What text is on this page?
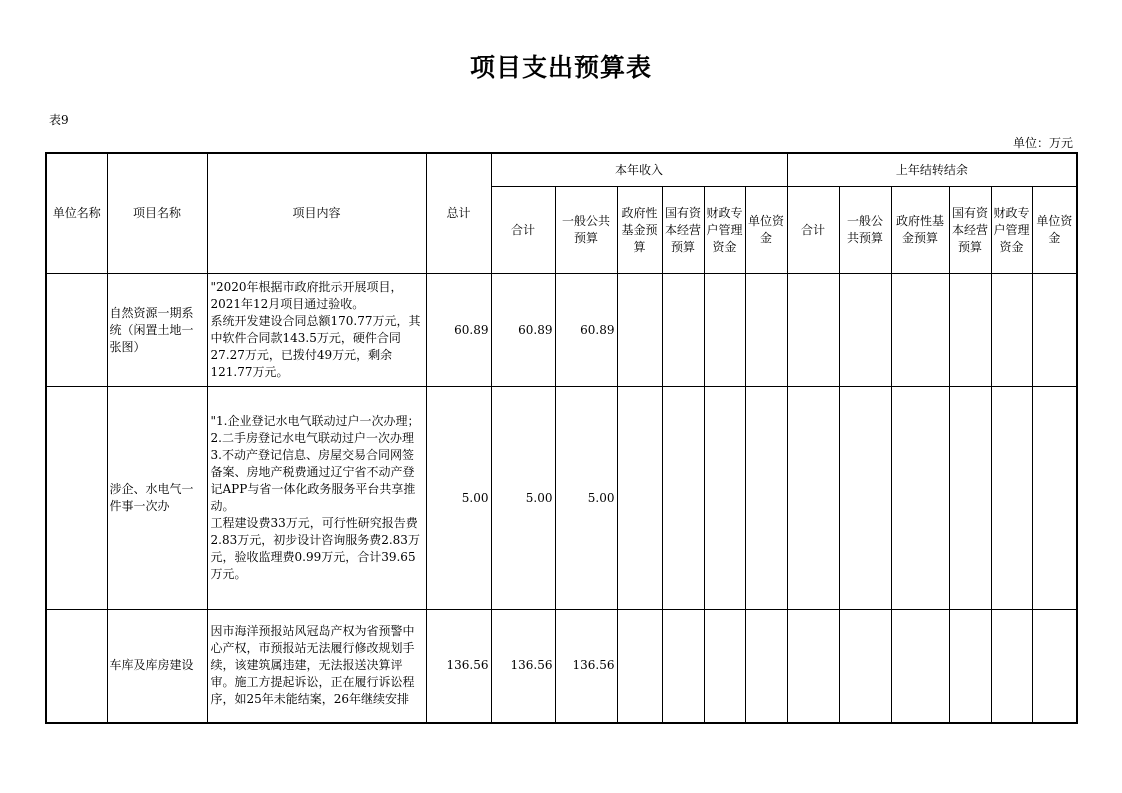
项目支出预算表
表9
单位：万元
单位名称	项目名称	项目内容	总计	本年收入						上年结转结余					
				合计	一般公共预算	政府性基金预算	国有资本经营预算	财政专户管理资金	单位资金	合计	一般公共预算	政府性基金预算	国有资本经营预算	财政专户管理资金	单位资金
	自然资源一期系统（闲置土地一张图）	"2020年根据市政府批示开展项目，2021年12月项目通过验收。
系统开发建设合同总额170.77万元，其中软件合同款143.5万元，硬件合同27.27万元，已拨付49万元，剩余121.77万元。	60.89	60.89	60.89										
	涉企、水电气一件事一次办	"1.企业登记水电气联动过户一次办理；
2.二手房登记水电气联动过户一次办理
3.不动产登记信息、房屋交易合同网签备案、房地产税费通过辽宁省不动产登记APP与省一体化政务服务平台共享推动。
工程建设费33万元，可行性研究报告费2.83万元，初步设计咨询服务费2.83万元，验收监理费0.99万元，合计39.65万元。	5.00	5.00	5.00										
	车库及库房建设	因市海洋预报站风冠岛产权为省预警中心产权，市预报站无法履行修改规划手续，该建筑属违建，无法报送决算评审。施工方提起诉讼，正在履行诉讼程序，如25年未能结案，26年继续安排	136.56	136.56	136.56										
